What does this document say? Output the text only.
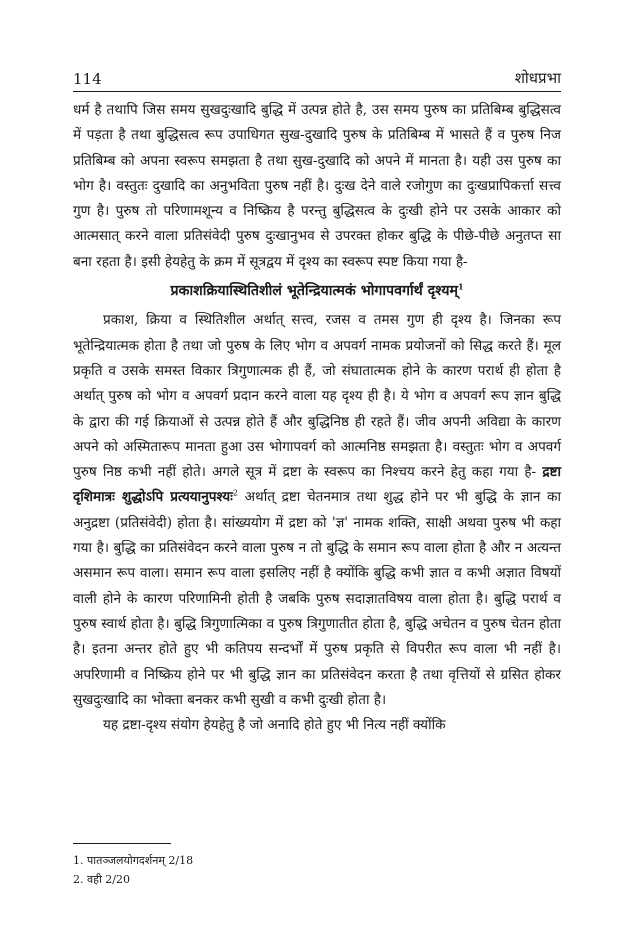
114	शोधप्रभा

धर्म है तथापि जिस समय सुखदुःखादि बुद्धि में उत्पन्न होते है, उस समय पुरुष का प्रतिबिम्ब बुद्धिसत्व में पड़ता है तथा बुद्धिसत्व रूप उपाधिगत सुख-दुखादि पुरुष के प्रतिबिम्ब में भासते हैं व पुरुष निज प्रतिबिम्ब को अपना स्वरूप समझता है तथा सुख-दुखादि को अपने में मानता है। यही उस पुरुष का भोग है। वस्तुतः दुखादि का अनुभविता पुरुष नहीं है। दुःख देने वाले रजोगुण का दुःखप्रापिकर्त्ता सत्त्व गुण है। पुरुष तो परिणामशून्य व निष्क्रिय है परन्तु बुद्धिसत्व के दुःखी होने पर उसके आकार को आत्मसात् करने वाला प्रतिसंवेदी पुरुष दुःखानुभव से उपरक्त होकर बुद्धि के पीछे-पीछे अनुतप्त सा बना रहता है। इसी हेयहेतु के क्रम में सूत्रद्वय में दृश्य का स्वरूप स्पष्ट किया गया है-

प्रकाशक्रियास्थितिशीलं भूतेन्द्रियात्मकं भोगापवर्गार्थं दृश्यम्$^1$

प्रकाश, क्रिया व स्थितिशील अर्थात् सत्त्व, रजस व तमस गुण ही दृश्य है। जिनका रूप भूतेन्द्रियात्मक होता है तथा जो पुरुष के लिए भोग व अपवर्ग नामक प्रयोजनों को सिद्ध करते हैं। मूल प्रकृति व उसके समस्त विकार त्रिगुणात्मक ही हैं, जो संघातात्मक होने के कारण परार्थ ही होता है अर्थात् पुरुष को भोग व अपवर्ग प्रदान करने वाला यह दृश्य ही है। ये भोग व अपवर्ग रूप ज्ञान बुद्धि के द्वारा की गई क्रियाओं से उत्पन्न होते हैं और बुद्धिनिष्ठ ही रहते हैं। जीव अपनी अविद्या के कारण अपने को अस्मितारूप मानता हुआ उस भोगापवर्ग को आत्मनिष्ठ समझता है। वस्तुतः भोग व अपवर्ग पुरुष निष्ठ कभी नहीं होते। अगले सूत्र में द्रष्टा के स्वरूप का निश्चय करने हेतु कहा गया है- द्रष्टा दृशिमात्रः शुद्धोऽपि प्रत्ययानुपश्यः$^2$ अर्थात् द्रष्टा चेतनमात्र तथा शुद्ध होने पर भी बुद्धि के ज्ञान का अनुद्रष्टा (प्रतिसंवेदी) होता है। सांख्ययोग में द्रष्टा को 'ज्ञ' नामक शक्ति, साक्षी अथवा पुरुष भी कहा गया है। बुद्धि का प्रतिसंवेदन करने वाला पुरुष न तो बुद्धि के समान रूप वाला होता है और न अत्यन्त असमान रूप वाला। समान रूप वाला इसलिए नहीं है क्योंकि बुद्धि कभी ज्ञात व कभी अज्ञात विषयों वाली होने के कारण परिणामिनी होती है जबकि पुरुष सदाज्ञातविषय वाला होता है। बुद्धि परार्थ व पुरुष स्वार्थ होता है। बुद्धि त्रिगुणात्मिका व पुरुष त्रिगुणातीत होता है, बुद्धि अचेतन व पुरुष चेतन होता है। इतना अन्तर होते हुए भी कतिपय सन्दर्भों में पुरुष प्रकृति से विपरीत रूप वाला भी नहीं है। अपरिणामी व निष्क्रिय होने पर भी बुद्धि ज्ञान का प्रतिसंवेदन करता है तथा वृत्तियों से ग्रसित होकर सुखदुःखादि का भोक्ता बनकर कभी सुखी व कभी दुःखी होता है।

यह द्रष्टा-दृश्य संयोग हेयहेतु है जो अनादि होते हुए भी नित्य नहीं क्योंकि

1. पातञ्जलयोगदर्शनम् 2/18
2. वही 2/20
